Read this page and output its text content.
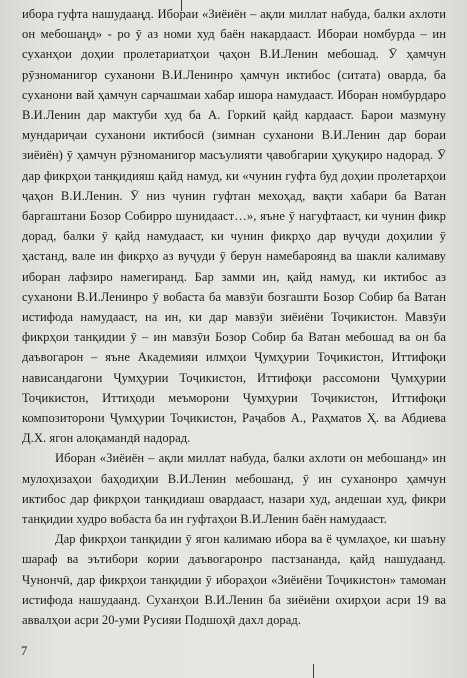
ибора гуфта нашудааңд. Ибораи «Зиёиён – ақли миллат набуда, балки ахлоти он мебошаңд» - ро ӯ аз номи худ баён накардааст. Ибораи номбурда – ин суханҳои доҳии пролетариатҳои ҷаҳон В.И.Ленин мебошад. Ӯ ҳамчун рӯзноманигор суханони В.И.Ленинро ҳамчун иктибос (ситата) оварда, ба суханони вай ҳамчун сарчашмаи хабар ишора намудааст. Иборан номбурдаро В.И.Ленин дар мактуби худ ба А. Горкий қайд кардааст. Барои мазмуну мундариҷаи суханони иктибосӣ (зимнан суханони В.И.Ленин дар бораи зиёиён) ӯ ҳамчун рӯзноманигор масъулияти ҷавобгарии ҳуқуқиро надорад. Ӯ дар фикрҳои танқидияш қайд намуд, ки «чунин гуфта буд доҳии пролетарҳои ҷаҳон В.И.Ленин. Ӯ низ чунин гуфтан мехоҳад, вақти хабари ба Ватан баргаштани Бозор Собирро шунидааст…», яъне ӯ нагуфтааст, ки чунин фикр дорад, балки ӯ қайд намудааст, ки чунин фикрҳо дар вуҷуди доҳилии ӯ ҳастанд, вале ин фикрҳо аз вуҷуди ӯ берун намебароянд ва шакли калимаву иборан лафзиро намегиранд. Бар замми ин, қайд намуд, ки иктибос аз суханони В.И.Ленинро ӯ вобаста ба мавзӯи бозгашти Бозор Собир ба Ватан истифода намудааст, на ин, ки дар мавзӯи зиёиёни Тоҷикистон. Мавзӯи фикрҳои танқидии ӯ – ин мавзӯи Бозор Собир ба Ватан мебошад ва он ба даъвогарон – яъне Академияи илмҳои Ҷумҳурии Тоҷикистон, Иттифоқи нависандагони Ҷумҳурии Тоҷикистон, Иттифоқи рассомони Ҷумҳурии Тоҷикистон, Иттиҳоди меъморони Ҷумҳурии Тоҷикистон, Иттифоқи композиторони Ҷумҳурии Тоҷикистон, Раҷабов А., Раҳматов Ҳ. ва Абдиева Д.Х. ягон алоқамандӣ надорад.

Иборан «Зиёиён – ақли миллат набуда, балки ахлоти он мебошанд» ин мулоҳизаҳои баҳодиҳии В.И.Ленин мебошанд, ӯ ин суханонро ҳамчун иктибос дар фикрҳои танқидиаш овардааст, назари худ, андешаи худ, фикри танқидии худро вобаста ба ин гуфтаҳои В.И.Ленин баён намудааст.

Дар фикрҳои танқидии ӯ ягон калимаю ибора ва ё ҷумлаҳое, ки шаъну шараф ва эътибори кории даъвогаронро пастзананда, қайд нашудаанд. Чунончӣ, дар фикрҳои танқидии ӯ ибораҳои «Зиёиёни Тоҷикистон» тамоман истифода нашудаанд. Суханҳои В.И.Ленин ба зиёиёни охирҳои асри 19 ва аввалҳои асри 20-уми Русияи Подшоҳӣ дахл дорад.

7
